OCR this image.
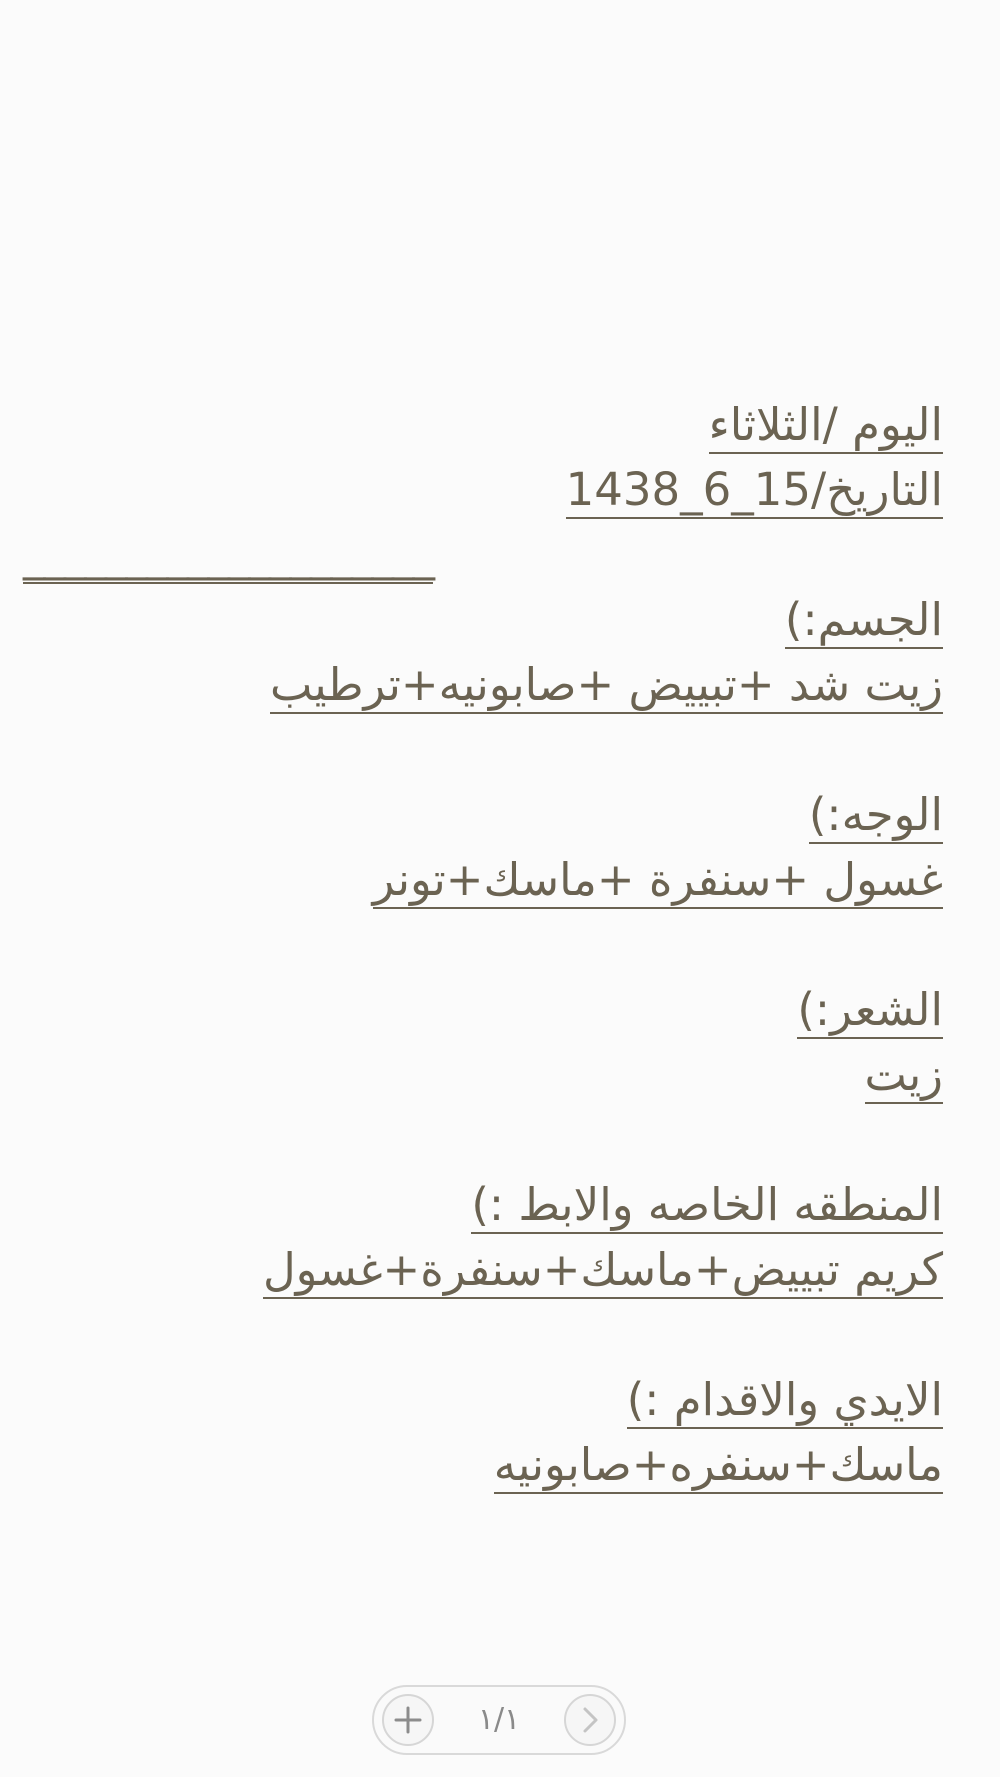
اليوم /الثلاثاء
التاريخ/15_6_1438
____________________
الجسم:)
زيت شد +تبييض +صابونيه+ترطيب
الوجه:)
غسول +سنفرة +ماسك+تونر
الشعر:)
زيت
المنطقه الخاصه والابط :)
كريم تبييض+ماسك+سنفرة+غسول
الايدي والاقدام :)
ماسك+سنفره+صابونيه
١/١
